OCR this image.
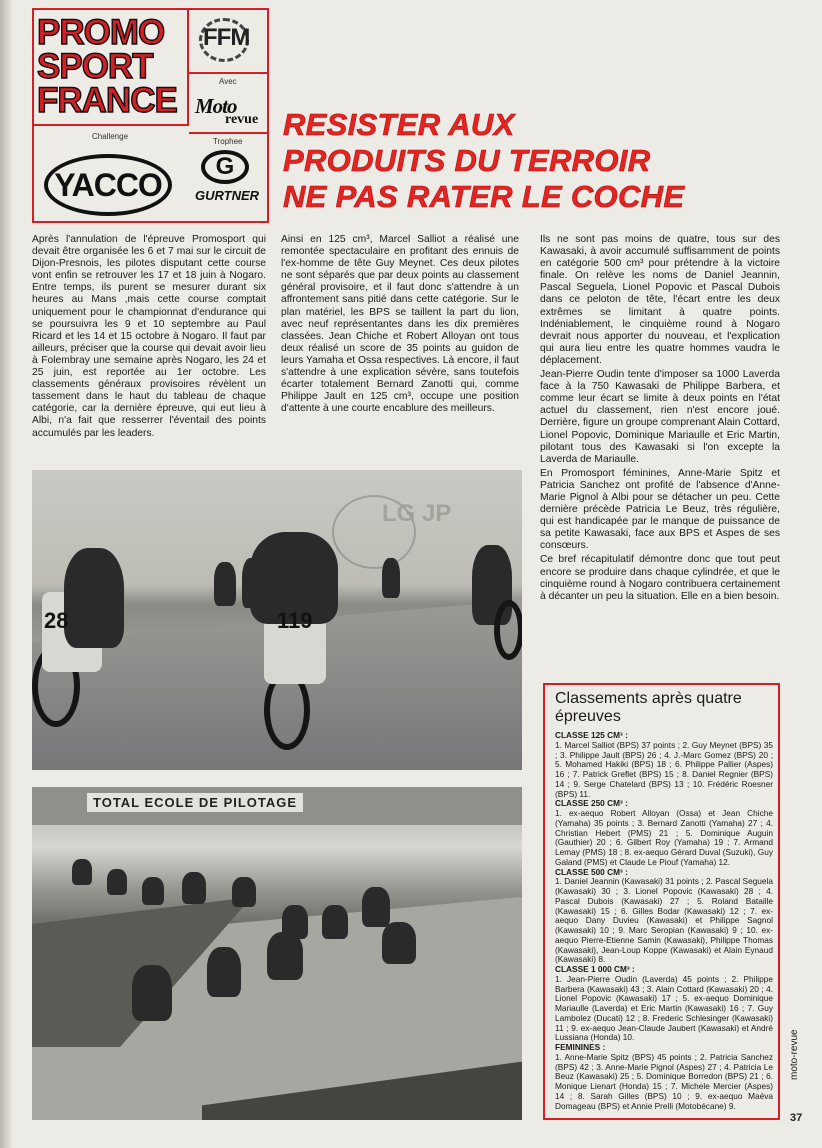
PROMO
SPORT
FRANCE
FFM
Avec
Moto
revue
Challenge
YACCO
Trophee
G
GURTNER
RESISTER AUX
PRODUITS DU TERROIR
NE PAS RATER LE COCHE

Après l'annulation de l'épreuve Promosport qui devait être organisée les 6 et 7 mai sur le circuit de Dijon-Presnois, les pilotes disputant cette course vont enfin se retrouver les 17 et 18 juin à Nogaro. Entre temps, ils purent se mesurer durant six heures au Mans ,mais cette course comptait uniquement pour le championnat d'endurance qui se poursuivra les 9 et 10 septembre au Paul Ricard et les 14 et 15 octobre à Nogaro. Il faut par ailleurs, préciser que la course qui devait avoir lieu à Folembray une semaine après Nogaro, les 24 et 25 juin, est reportée au 1er octobre. Les classements généraux provisoires révèlent un tassement dans le haut du tableau de chaque catégorie, car la dernière épreuve, qui eut lieu à Albi, n'a fait que resserrer l'éventail des points accumulés par les leaders.

Ainsi en 125 cm³, Marcel Salliot a réalisé une remontée spectaculaire en profitant des ennuis de l'ex-homme de tête Guy Meynet. Ces deux pilotes ne sont séparés que par deux points au classement général provisoire, et il faut donc s'attendre à un affrontement sans pitié dans cette catégorie. Sur le plan matériel, les BPS se taillent la part du lion, avec neuf représentantes dans les dix premières classées. Jean Chiche et Robert Alloyan ont tous deux réalisé un score de 35 points au guidon de leurs Yamaha et Ossa respectives. Là encore, il faut s'attendre à une explication sévère, sans toutefois écarter totalement Bernard Zanotti qui, comme Philippe Jault en 125 cm³, occupe une position d'attente à une courte encablure des meilleurs.

Ils ne sont pas moins de quatre, tous sur des Kawasaki, à avoir accumulé suffisamment de points en catégorie 500 cm³ pour prétendre à la victoire finale. On relève les noms de Daniel Jeannin, Pascal Seguela, Lionel Popovic et Pascal Dubois dans ce peloton de tête, l'écart entre les deux extrêmes se limitant à quatre points. Indéniablement, le cinquième round à Nogaro devrait nous apporter du nouveau, et l'explication qui aura lieu entre les quatre hommes vaudra le déplacement.

Jean-Pierre Oudin tente d'imposer sa 1000 Laverda face à la 750 Kawasaki de Philippe Barbera, et comme leur écart se limite à deux points en l'état actuel du classement, rien n'est encore joué. Derrière, figure un groupe comprenant Alain Cottard, Lionel Popovic, Dominique Mariaulle et Eric Martin, pilotant tous des Kawasaki si l'on excepte la Laverda de Mariaulle.

En Promosport féminines, Anne-Marie Spitz et Patricia Sanchez ont profité de l'absence d'Anne-Marie Pignol à Albi pour se détacher un peu. Cette dernière précède Patricia Le Beuz, très régulière, qui est handicapée par le manque de puissance de sa petite Kawasaki, face aux BPS et Aspes de ses consœurs.

Ce bref récapitulatif démontre donc que tout peut encore se produire dans chaque cylindrée, et que le cinquième round à Nogaro contribuera certainement à décanter un peu la situation. Elle en a bien besoin.

LG JP
28	119
TOTAL ECOLE DE PILOTAGE
Classements après quatre épreuves
CLASSE 125 CM³ :
1. Marcel Salliot (BPS) 37 points ; 2. Guy Meynet (BPS) 35 ; 3. Philippe Jault (BPS) 26 ; 4. J.-Marc Gomez (BPS) 20 ; 5. Mohamed Hakiki (BPS) 18 ; 6. Philippe Pallier (Aspes) 16 ; 7. Patrick Greflet (BPS) 15 ; 8. Daniel Regnier (BPS) 14 ; 9. Serge Chatelard (BPS) 13 ; 10. Frédéric Roesner (BPS) 11.
CLASSE 250 CM³ :
1. ex-aequo Robert Alloyan (Ossa) et Jean Chiche (Yamaha) 35 points ; 3. Bernard Zanotti (Yamaha) 27 ; 4. Christian Hebert (PMS) 21 ; 5. Dominique Auguin (Gauthier) 20 ; 6. Gilbert Roy (Yamaha) 19 ; 7. Armand Lemay (PMS) 18 ; 8. ex-aequo Gérard Duval (Suzuki), Guy Galand (PMS) et Claude Le Piouf (Yamaha) 12.
CLASSE 500 CM³ :
1. Daniel Jeannin (Kawasaki) 31 points ; 2. Pascal Seguela (Kawasaki) 30 ; 3. Lionel Popovic (Kawasaki) 28 ; 4. Pascal Dubois (Kawasaki) 27 ; 5. Roland Bataille (Kawasaki) 15 ; 6. Gilles Bodar (Kawasaki) 12 ; 7. ex-aequo Dany Duvieu (Kawasaki) et Philippe Sagnol (Kawasaki) 10 ; 9. Marc Seropian (Kawasaki) 9 ; 10. ex-aequo Pierre-Etienne Samin (Kawasaki), Philippe Thomas (Kawasaki), Jean-Loup Koppe (Kawasaki) et Alain Eynaud (Kawasaki) 8.
CLASSE 1 000 CM³ :
1. Jean-Pierre Oudin (Laverda) 45 points ; 2. Philippe Barbera (Kawasaki) 43 ; 3. Alain Cottard (Kawasaki) 20 ; 4. Lionel Popovic (Kawasaki) 17 ; 5. ex-aequo Dominique Mariaulle (Laverda) et Eric Martin (Kawasaki) 16 ; 7. Guy Lambolez (Ducati) 12 ; 8. Frederic Schlesinger (Kawasaki) 11 ; 9. ex-aequo Jean-Claude Jaubert (Kawasaki) et André Lussiana (Honda) 10.
FEMININES :
1. Anne-Marie Spitz (BPS) 45 points ; 2. Patricia Sanchez (BPS) 42 ; 3. Anne-Marie Pignol (Aspes) 27 ; 4. Patricia Le Beuz (Kawasaki) 25 ; 5. Dominique Borredon (BPS) 21 ; 6. Monique Lienart (Honda) 15 ; 7. Michele Mercier (Aspes) 14 ; 8. Sarah Gilles (BPS) 10 ; 9. ex-aequo Maéva Domageau (BPS) et Annie Prelli (Motobécane) 9.
moto-revue
37
